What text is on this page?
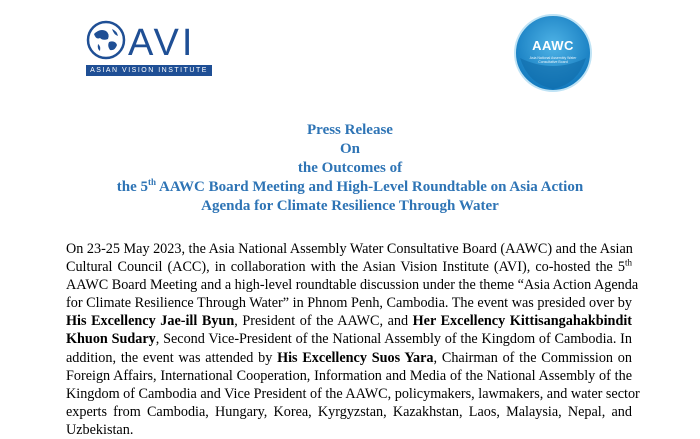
AVI
ASIAN VISION INSTITUTE
AAWC
Asia National Assembly Water Consultative Board
Press Release
On
the Outcomes of
the 5th AAWC Board Meeting and High-Level Roundtable on Asia Action
Agenda for Climate Resilience Through Water
On 23-25 May 2023, the Asia National Assembly Water Consultative Board (AAWC) and the Asian
Cultural Council (ACC), in collaboration with the Asian Vision Institute (AVI), co-hosted the 5th
AAWC Board Meeting and a high-level roundtable discussion under the theme “Asia Action Agenda
for Climate Resilience Through Water” in Phnom Penh, Cambodia. The event was presided over by
His Excellency Jae-ill Byun, President of the AAWC, and Her Excellency Kittisangahakbindit
Khuon Sudary, Second Vice-President of the National Assembly of the Kingdom of Cambodia. In
addition, the event was attended by His Excellency Suos Yara, Chairman of the Commission on
Foreign Affairs, International Cooperation, Information and Media of the National Assembly of the
Kingdom of Cambodia and Vice President of the AAWC, policymakers, lawmakers, and water sector
experts from Cambodia, Hungary, Korea, Kyrgyzstan, Kazakhstan, Laos, Malaysia, Nepal, and
Uzbekistan.
